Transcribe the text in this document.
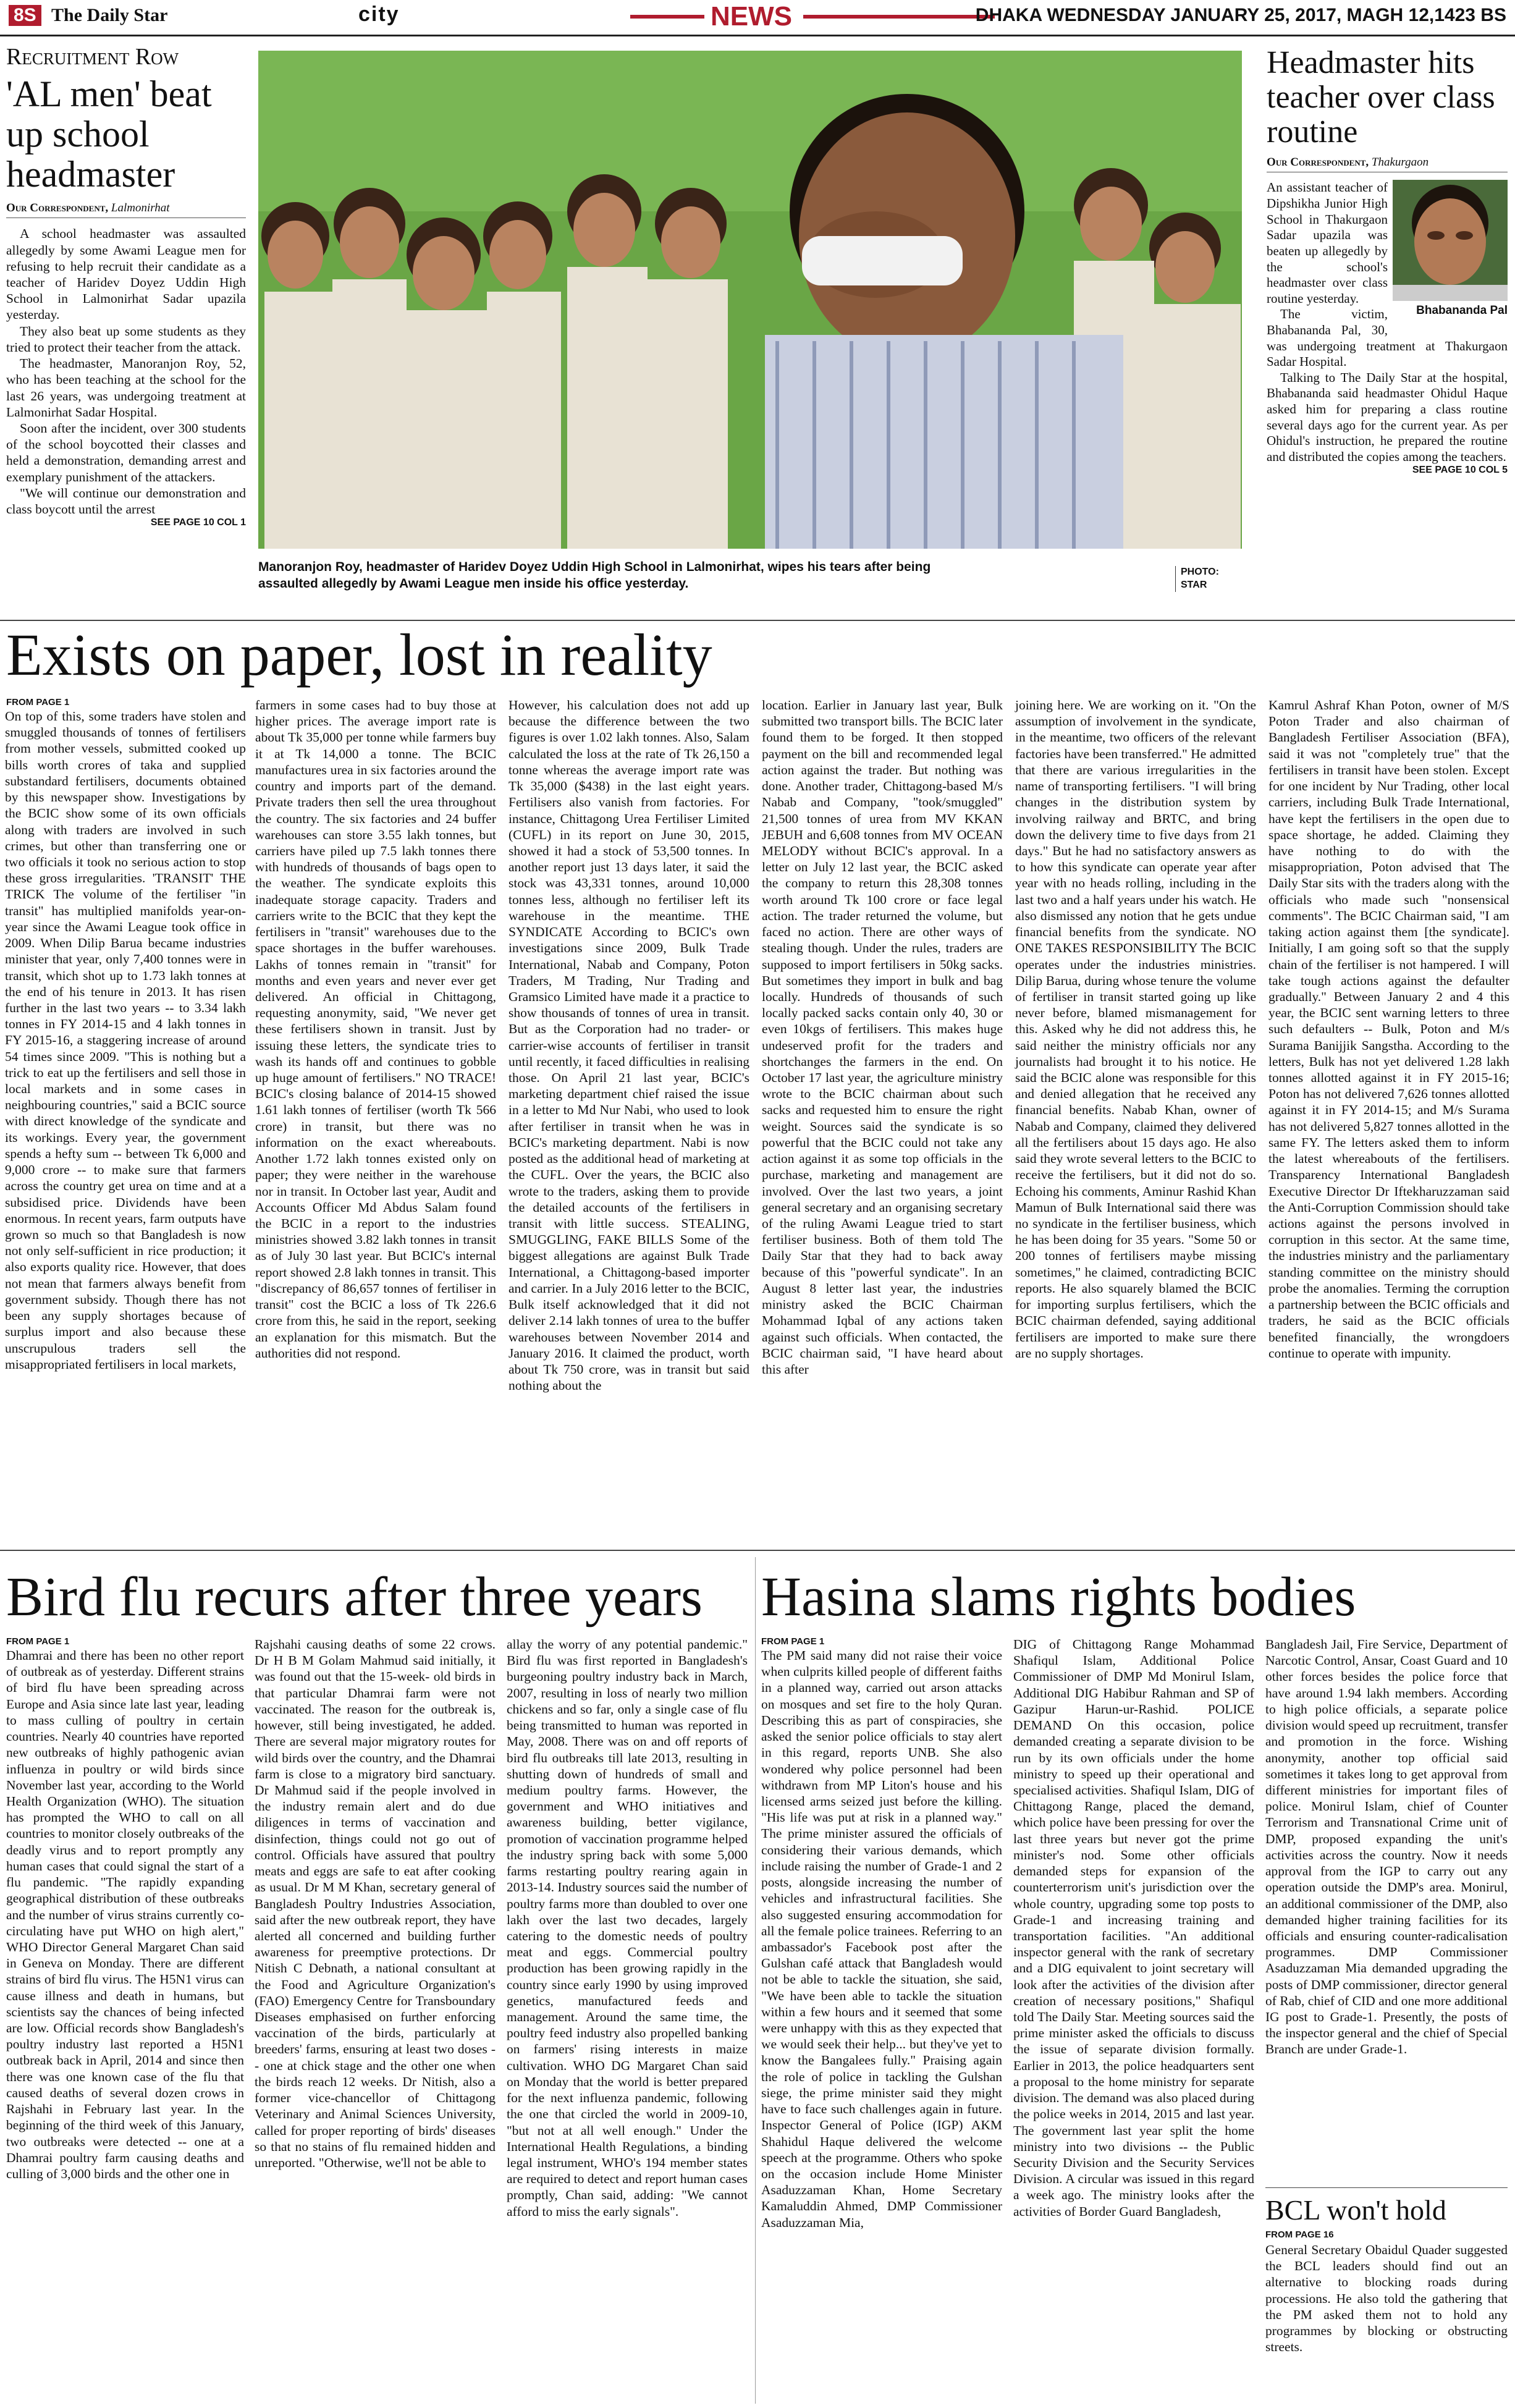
8S The Daily Star	city	NEWS	DHAKA WEDNESDAY JANUARY 25, 2017, MAGH 12,1423 BS
Recruitment Row
'AL men' beat up school headmaster
Our Correspondent, Lalmonirhat

A school headmaster was assaulted allegedly by some Awami League men for refusing to help recruit their candidate as a teacher of Haridev Doyez Uddin High School in Lalmonirhat Sadar upazila yesterday.

They also beat up some students as they tried to protect their teacher from the attack.

The headmaster, Manoranjon Roy, 52, who has been teaching at the school for the last 26 years, was undergoing treatment at Lalmonirhat Sadar Hospital.

Soon after the incident, over 300 students of the school boycotted their classes and held a demonstration, demanding arrest and exemplary punishment of the attackers.

"We will continue our demonstration and class boycott until the arrest

SEE PAGE 10 COL 1
Manoranjon Roy, headmaster of Haridev Doyez Uddin High School in Lalmonirhat, wipes his tears after being assaulted allegedly by Awami League men inside his office yesterday.
PHOTO: STAR
Headmaster hits teacher over class routine
Our Correspondent, Thakurgaon
Bhabananda Pal

An assistant teacher of Dipshikha Junior High School in Thakurgaon Sadar upazila was beaten up allegedly by the school's headmaster over class routine yesterday.

The victim, Bhabananda Pal, 30, was undergoing treatment at Thakurgaon Sadar Hospital.

Talking to The Daily Star at the hospital, Bhabananda said headmaster Ohidul Haque asked him for preparing a class routine several days ago for the current year. As per Ohidul's instruction, he prepared the routine and distributed the copies among the teachers.

SEE PAGE 10 COL 5
Exists on paper, lost in reality
FROM PAGE 1
On top of this, some traders have stolen and smuggled thousands of tonnes of fertilisers from mother vessels, submitted cooked up bills worth crores of taka and supplied substandard fertilisers, documents obtained by this newspaper show. Investigations by the BCIC show some of its own officials along with traders are involved in such crimes, but other than transferring one or two officials it took no serious action to stop these gross irregularities. 'TRANSIT' THE TRICK The volume of the fertiliser "in transit" has multiplied manifolds year-on-year since the Awami League took office in 2009. When Dilip Barua became industries minister that year, only 7,400 tonnes were in transit, which shot up to 1.73 lakh tonnes at the end of his tenure in 2013. It has risen further in the last two years -- to 3.34 lakh tonnes in FY 2014-15 and 4 lakh tonnes in FY 2015-16, a staggering increase of around 54 times since 2009. "This is nothing but a trick to eat up the fertilisers and sell those in local markets and in some cases in neighbouring countries," said a BCIC source with direct knowledge of the syndicate and its workings. Every year, the government spends a hefty sum -- between Tk 6,000 and 9,000 crore -- to make sure that farmers across the country get urea on time and at a subsidised price. Dividends have been enormous. In recent years, farm outputs have grown so much so that Bangladesh is now not only self-sufficient in rice production; it also exports quality rice. However, that does not mean that farmers always benefit from government subsidy. Though there has not been any supply shortages because of surplus import and also because these unscrupulous traders sell the misappropriated fertilisers in local markets,
farmers in some cases had to buy those at higher prices. The average import rate is about Tk 35,000 per tonne while farmers buy it at Tk 14,000 a tonne. The BCIC manufactures urea in six factories around the country and imports part of the demand. Private traders then sell the urea throughout the country. The six factories and 24 buffer warehouses can store 3.55 lakh tonnes, but carriers have piled up 7.5 lakh tonnes there with hundreds of thousands of bags open to the weather. The syndicate exploits this inadequate storage capacity. Traders and carriers write to the BCIC that they kept the fertilisers in "transit" warehouses due to the space shortages in the buffer warehouses. Lakhs of tonnes remain in "transit" for months and even years and never ever get delivered. An official in Chittagong, requesting anonymity, said, "We never get these fertilisers shown in transit. Just by issuing these letters, the syndicate tries to wash its hands off and continues to gobble up huge amount of fertilisers." NO TRACE! BCIC's closing balance of 2014-15 showed 1.61 lakh tonnes of fertiliser (worth Tk 566 crore) in transit, but there was no information on the exact whereabouts. Another 1.72 lakh tonnes existed only on paper; they were neither in the warehouse nor in transit. In October last year, Audit and Accounts Officer Md Abdus Salam found the BCIC in a report to the industries ministries showed 3.82 lakh tonnes in transit as of July 30 last year. But BCIC's internal report showed 2.8 lakh tonnes in transit. This "discrepancy of 86,657 tonnes of fertiliser in transit" cost the BCIC a loss of Tk 226.6 crore from this, he said in the report, seeking an explanation for this mismatch. But the authorities did not respond.
However, his calculation does not add up because the difference between the two figures is over 1.02 lakh tonnes. Also, Salam calculated the loss at the rate of Tk 26,150 a tonne whereas the average import rate was Tk 35,000 ($438) in the last eight years. Fertilisers also vanish from factories. For instance, Chittagong Urea Fertiliser Limited (CUFL) in its report on June 30, 2015, showed it had a stock of 53,500 tonnes. In another report just 13 days later, it said the stock was 43,331 tonnes, around 10,000 tonnes less, although no fertiliser left its warehouse in the meantime. THE SYNDICATE According to BCIC's own investigations since 2009, Bulk Trade International, Nabab and Company, Poton Traders, M Trading, Nur Trading and Gramsico Limited have made it a practice to show thousands of tonnes of urea in transit. But as the Corporation had no trader- or carrier-wise accounts of fertiliser in transit until recently, it faced difficulties in realising those. On April 21 last year, BCIC's marketing department chief raised the issue in a letter to Md Nur Nabi, who used to look after fertiliser in transit when he was in BCIC's marketing department. Nabi is now posted as the additional head of marketing at the CUFL. Over the years, the BCIC also wrote to the traders, asking them to provide the detailed accounts of the fertilisers in transit with little success. STEALING, SMUGGLING, FAKE BILLS Some of the biggest allegations are against Bulk Trade International, a Chittagong-based importer and carrier. In a July 2016 letter to the BCIC, Bulk itself acknowledged that it did not deliver 2.14 lakh tonnes of urea to the buffer warehouses between November 2014 and January 2016. It claimed the product, worth about Tk 750 crore, was in transit but said nothing about the
location. Earlier in January last year, Bulk submitted two transport bills. The BCIC later found them to be forged. It then stopped payment on the bill and recommended legal action against the trader. But nothing was done. Another trader, Chittagong-based M/s Nabab and Company, "took/smuggled" 21,500 tonnes of urea from MV KKAN JEBUH and 6,608 tonnes from MV OCEAN MELODY without BCIC's approval. In a letter on July 12 last year, the BCIC asked the company to return this 28,308 tonnes worth around Tk 100 crore or face legal action. The trader returned the volume, but faced no action. There are other ways of stealing though. Under the rules, traders are supposed to import fertilisers in 50kg sacks. But sometimes they import in bulk and bag locally. Hundreds of thousands of such locally packed sacks contain only 40, 30 or even 10kgs of fertilisers. This makes huge undeserved profit for the traders and shortchanges the farmers in the end. On October 17 last year, the agriculture ministry wrote to the BCIC chairman about such sacks and requested him to ensure the right weight. Sources said the syndicate is so powerful that the BCIC could not take any action against it as some top officials in the purchase, marketing and management are involved. Over the last two years, a joint general secretary and an organising secretary of the ruling Awami League tried to start fertiliser business. Both of them told The Daily Star that they had to back away because of this "powerful syndicate". In an August 8 letter last year, the industries ministry asked the BCIC Chairman Mohammad Iqbal of any actions taken against such officials. When contacted, the BCIC chairman said, "I have heard about this after
joining here. We are working on it. "On the assumption of involvement in the syndicate, in the meantime, two officers of the relevant factories have been transferred." He admitted that there are various irregularities in the name of transporting fertilisers. "I will bring changes in the distribution system by involving railway and BRTC, and bring down the delivery time to five days from 21 days." But he had no satisfactory answers as to how this syndicate can operate year after year with no heads rolling, including in the last two and a half years under his watch. He also dismissed any notion that he gets undue financial benefits from the syndicate. NO ONE TAKES RESPONSIBILITY The BCIC operates under the industries ministries. Dilip Barua, during whose tenure the volume of fertiliser in transit started going up like never before, blamed mismanagement for this. Asked why he did not address this, he said neither the ministry officials nor any journalists had brought it to his notice. He said the BCIC alone was responsible for this and denied allegation that he received any financial benefits. Nabab Khan, owner of Nabab and Company, claimed they delivered all the fertilisers about 15 days ago. He also said they wrote several letters to the BCIC to receive the fertilisers, but it did not do so. Echoing his comments, Aminur Rashid Khan Mamun of Bulk International said there was no syndicate in the fertiliser business, which he has been doing for 35 years. "Some 50 or 200 tonnes of fertilisers maybe missing sometimes," he claimed, contradicting BCIC reports. He also squarely blamed the BCIC for importing surplus fertilisers, which the BCIC chairman defended, saying additional fertilisers are imported to make sure there are no supply shortages.
Kamrul Ashraf Khan Poton, owner of M/S Poton Trader and also chairman of Bangladesh Fertiliser Association (BFA), said it was not "completely true" that the fertilisers in transit have been stolen. Except for one incident by Nur Trading, other local carriers, including Bulk Trade International, have kept the fertilisers in the open due to space shortage, he added. Claiming they have nothing to do with the misappropriation, Poton advised that The Daily Star sits with the traders along with the officials who made such "nonsensical comments". The BCIC Chairman said, "I am taking action against them [the syndicate]. Initially, I am going soft so that the supply chain of the fertiliser is not hampered. I will take tough actions against the defaulter gradually." Between January 2 and 4 this year, the BCIC sent warning letters to three such defaulters -- Bulk, Poton and M/s Surama Banijjik Sangstha. According to the letters, Bulk has not yet delivered 1.28 lakh tonnes allotted against it in FY 2015-16; Poton has not delivered 7,626 tonnes allotted against it in FY 2014-15; and M/s Surama has not delivered 5,827 tonnes allotted in the same FY. The letters asked them to inform the latest whereabouts of the fertilisers. Transparency International Bangladesh Executive Director Dr Iftekharuzzaman said the Anti-Corruption Commission should take actions against the persons involved in corruption in this sector. At the same time, the industries ministry and the parliamentary standing committee on the ministry should probe the anomalies. Terming the corruption a partnership between the BCIC officials and traders, he said as the BCIC officials benefited financially, the wrongdoers continue to operate with impunity.
Bird flu recurs after three years
FROM PAGE 1
Dhamrai and there has been no other report of outbreak as of yesterday. Different strains of bird flu have been spreading across Europe and Asia since late last year, leading to mass culling of poultry in certain countries. Nearly 40 countries have reported new outbreaks of highly pathogenic avian influenza in poultry or wild birds since November last year, according to the World Health Organization (WHO). The situation has prompted the WHO to call on all countries to monitor closely outbreaks of the deadly virus and to report promptly any human cases that could signal the start of a flu pandemic. "The rapidly expanding geographical distribution of these outbreaks and the number of virus strains currently co-circulating have put WHO on high alert," WHO Director General Margaret Chan said in Geneva on Monday. There are different strains of bird flu virus. The H5N1 virus can cause illness and death in humans, but scientists say the chances of being infected are low. Official records show Bangladesh's poultry industry last reported a H5N1 outbreak back in April, 2014 and since then there was one known case of the flu that caused deaths of several dozen crows in Rajshahi in February last year. In the beginning of the third week of this January, two outbreaks were detected -- one at a Dhamrai poultry farm causing deaths and culling of 3,000 birds and the other one in
Rajshahi causing deaths of some 22 crows. Dr H B M Golam Mahmud said initially, it was found out that the 15-week- old birds in that particular Dhamrai farm were not vaccinated. The reason for the outbreak is, however, still being investigated, he added. There are several major migratory routes for wild birds over the country, and the Dhamrai farm is close to a migratory bird sanctuary. Dr Mahmud said if the people involved in the industry remain alert and do due diligences in terms of vaccination and disinfection, things could not go out of control. Officials have assured that poultry meats and eggs are safe to eat after cooking as usual. Dr M M Khan, secretary general of Bangladesh Poultry Industries Association, said after the new outbreak report, they have alerted all concerned and building further awareness for preemptive protections. Dr Nitish C Debnath, a national consultant at the Food and Agriculture Organization's (FAO) Emergency Centre for Transboundary Diseases emphasised on further enforcing vaccination of the birds, particularly at breeders' farms, ensuring at least two doses -- one at chick stage and the other one when the birds reach 12 weeks. Dr Nitish, also a former vice-chancellor of Chittagong Veterinary and Animal Sciences University, called for proper reporting of birds' diseases so that no stains of flu remained hidden and unreported. "Otherwise, we'll not be able to
allay the worry of any potential pandemic." Bird flu was first reported in Bangladesh's burgeoning poultry industry back in March, 2007, resulting in loss of nearly two million chickens and so far, only a single case of flu being transmitted to human was reported in May, 2008. There was on and off reports of bird flu outbreaks till late 2013, resulting in shutting down of hundreds of small and medium poultry farms. However, the government and WHO initiatives and awareness building, better vigilance, promotion of vaccination programme helped the industry spring back with some 5,000 farms restarting poultry rearing again in 2013-14. Industry sources said the number of poultry farms more than doubled to over one lakh over the last two decades, largely catering to the domestic needs of poultry meat and eggs. Commercial poultry production has been growing rapidly in the country since early 1990 by using improved genetics, manufactured feeds and management. Around the same time, the poultry feed industry also propelled banking on farmers' rising interests in maize cultivation. WHO DG Margaret Chan said on Monday that the world is better prepared for the next influenza pandemic, following the one that circled the world in 2009-10, "but not at all well enough." Under the International Health Regulations, a binding legal instrument, WHO's 194 member states are required to detect and report human cases promptly, Chan said, adding: "We cannot afford to miss the early signals".
Hasina slams rights bodies
FROM PAGE 1
The PM said many did not raise their voice when culprits killed people of different faiths in a planned way, carried out arson attacks on mosques and set fire to the holy Quran. Describing this as part of conspiracies, she asked the senior police officials to stay alert in this regard, reports UNB. She also wondered why police personnel had been withdrawn from MP Liton's house and his licensed arms seized just before the killing. "His life was put at risk in a planned way." The prime minister assured the officials of considering their various demands, which include raising the number of Grade-1 and 2 posts, alongside increasing the number of vehicles and infrastructural facilities. She also suggested ensuring accommodation for all the female police trainees. Referring to an ambassador's Facebook post after the Gulshan café attack that Bangladesh would not be able to tackle the situation, she said, "We have been able to tackle the situation within a few hours and it seemed that some were unhappy with this as they expected that we would seek their help... but they've yet to know the Bangalees fully." Praising again the role of police in tackling the Gulshan siege, the prime minister said they might have to face such challenges again in future. Inspector General of Police (IGP) AKM Shahidul Haque delivered the welcome speech at the programme. Others who spoke on the occasion include Home Minister Asaduzzaman Khan, Home Secretary Kamaluddin Ahmed, DMP Commissioner Asaduzzaman Mia,
DIG of Chittagong Range Mohammad Shafiqul Islam, Additional Police Commissioner of DMP Md Monirul Islam, Additional DIG Habibur Rahman and SP of Gazipur Harun-ur-Rashid. POLICE DEMAND On this occasion, police demanded creating a separate division to be run by its own officials under the home ministry to speed up their operational and specialised activities. Shafiqul Islam, DIG of Chittagong Range, placed the demand, which police have been pressing for over the last three years but never got the prime minister's nod. Some other officials demanded steps for expansion of the counterterrorism unit's jurisdiction over the whole country, upgrading some top posts to Grade-1 and increasing training and transportation facilities. "An additional inspector general with the rank of secretary and a DIG equivalent to joint secretary will look after the activities of the division after creation of necessary positions," Shafiqul told The Daily Star. Meeting sources said the prime minister asked the officials to discuss the issue of separate division formally. Earlier in 2013, the police headquarters sent a proposal to the home ministry for separate division. The demand was also placed during the police weeks in 2014, 2015 and last year. The government last year split the home ministry into two divisions -- the Public Security Division and the Security Services Division. A circular was issued in this regard a week ago. The ministry looks after the activities of Border Guard Bangladesh,
Bangladesh Jail, Fire Service, Department of Narcotic Control, Ansar, Coast Guard and 10 other forces besides the police force that have around 1.94 lakh members. According to high police officials, a separate police division would speed up recruitment, transfer and promotion in the force. Wishing anonymity, another top official said sometimes it takes long to get approval from different ministries for important files of police. Monirul Islam, chief of Counter Terrorism and Transnational Crime unit of DMP, proposed expanding the unit's activities across the country. Now it needs approval from the IGP to carry out any operation outside the DMP's area. Monirul, an additional commissioner of the DMP, also demanded higher training facilities for its officials and ensuring counter-radicalisation programmes. DMP Commissioner Asaduzzaman Mia demanded upgrading the posts of DMP commissioner, director general of Rab, chief of CID and one more additional IG post to Grade-1. Presently, the posts of the inspector general and the chief of Special Branch are under Grade-1.
BCL won't hold
FROM PAGE 16
General Secretary Obaidul Quader suggested the BCL leaders should find out an alternative to blocking roads during processions. He also told the gathering that the PM asked them not to hold any programmes by blocking or obstructing streets.
